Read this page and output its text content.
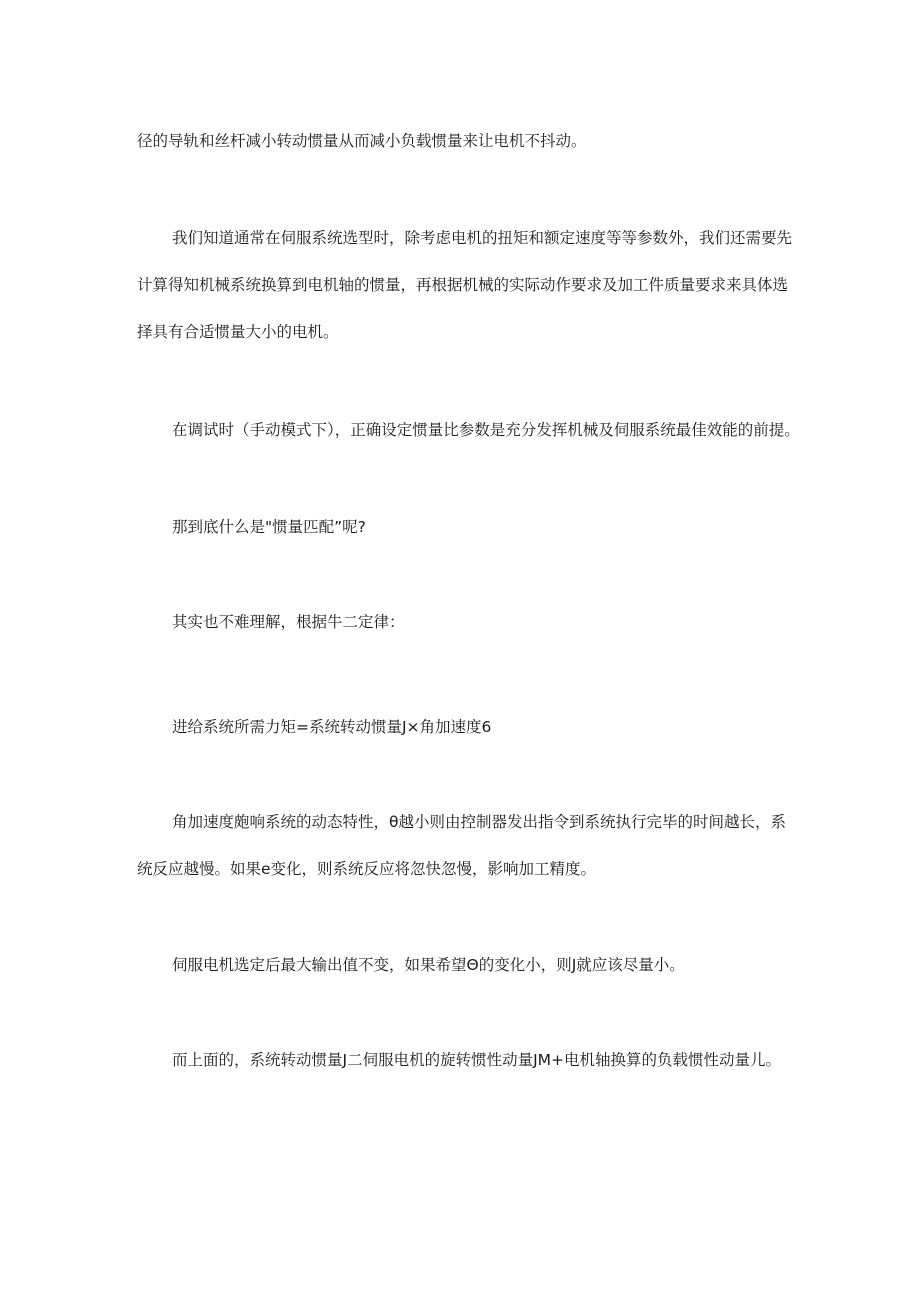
径的导轨和丝杆减小转动惯量从而减小负载惯量来让电机不抖动。
我们知道通常在伺服系统选型时，除考虑电机的扭矩和额定速度等等参数外，我们还需要先
计算得知机械系统换算到电机轴的惯量，再根据机械的实际动作要求及加工件质量要求来具体选
择具有合适惯量大小的电机。
在调试时（手动模式下），正确设定惯量比参数是充分发挥机械及伺服系统最佳效能的前提。
那到底什么是"惯量匹配”呢?
其实也不难理解，根据牛二定律：
进给系统所需力矩=系统转动惯量J×角加速度6
角加速度皰响系统的动态特性，θ越小则由控制器发出指令到系统执行完毕的时间越长，系
统反应越慢。如果e变化，则系统反应将忽快忽慢，影响加工精度。
伺服电机选定后最大输出值不变，如果希望Θ的变化小，则J就应该尽量小。
而上面的，系统转动惯量J二伺服电机的旋转惯性动量JM+电机轴换算的负载惯性动量儿。
